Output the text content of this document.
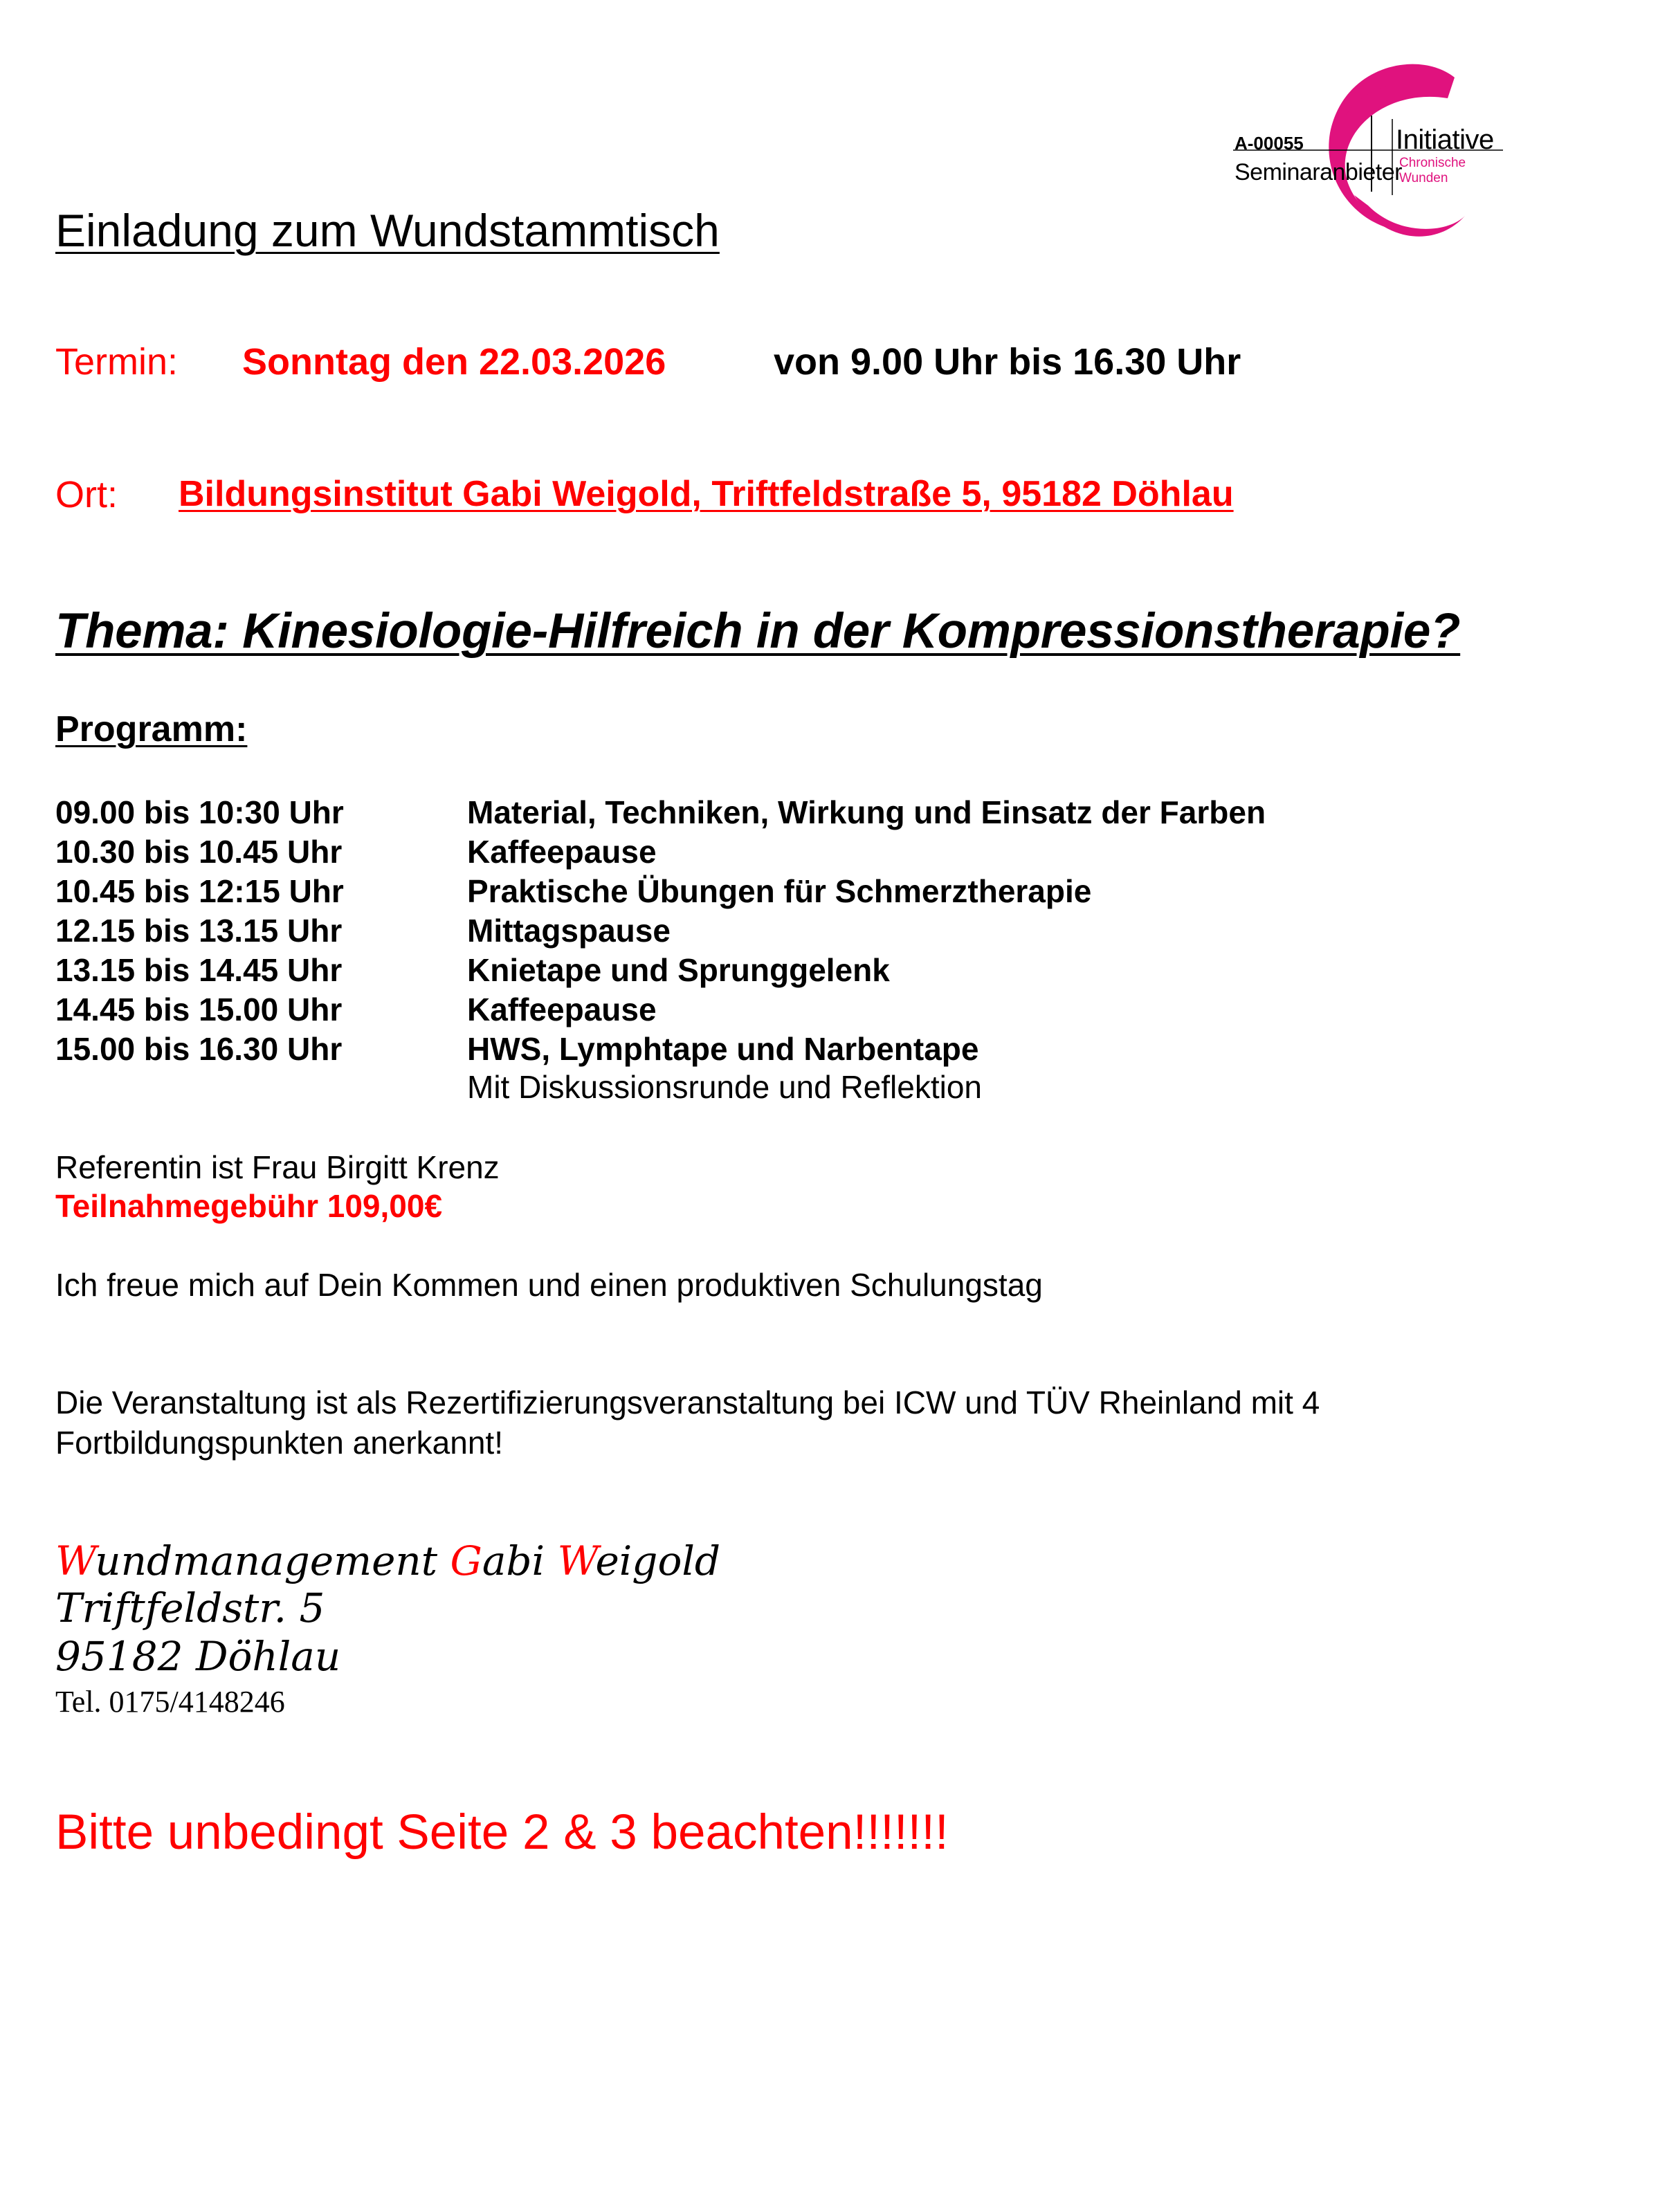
A-00055
Seminaranbieter
Initiative
Chronische
Wunden
Einladung zum Wundstammtisch
Termin: Sonntag den 22.03.2026	von 9.00 Uhr bis 16.30 Uhr
Ort: Bildungsinstitut Gabi Weigold, Triftfeldstraße 5, 95182 Döhlau
Thema: Kinesiologie-Hilfreich in der Kompressionstherapie?
Programm:
09.00 bis 10:30 Uhr	Material, Techniken, Wirkung und Einsatz der Farben
10.30 bis 10.45 Uhr	Kaffeepause
10.45 bis 12:15 Uhr	Praktische Übungen für Schmerztherapie
12.15 bis 13.15 Uhr	Mittagspause
13.15 bis 14.45 Uhr	Knietape und Sprunggelenk
14.45 bis 15.00 Uhr	Kaffeepause
15.00 bis 16.30 Uhr	HWS, Lymphtape und Narbentape
Mit Diskussionsrunde und Reflektion
Referentin ist Frau Birgitt Krenz
Teilnahmegebühr 109,00€
Ich freue mich auf Dein Kommen und einen produktiven Schulungstag
Die Veranstaltung ist als Rezertifizierungsveranstaltung bei ICW und TÜV Rheinland mit 4 Fortbildungspunkten anerkannt!
Wundmanagement Gabi Weigold
Triftfeldstr. 5
95182 Döhlau
Tel. 0175/4148246
Bitte unbedingt Seite 2 & 3 beachten!!!!!!!
